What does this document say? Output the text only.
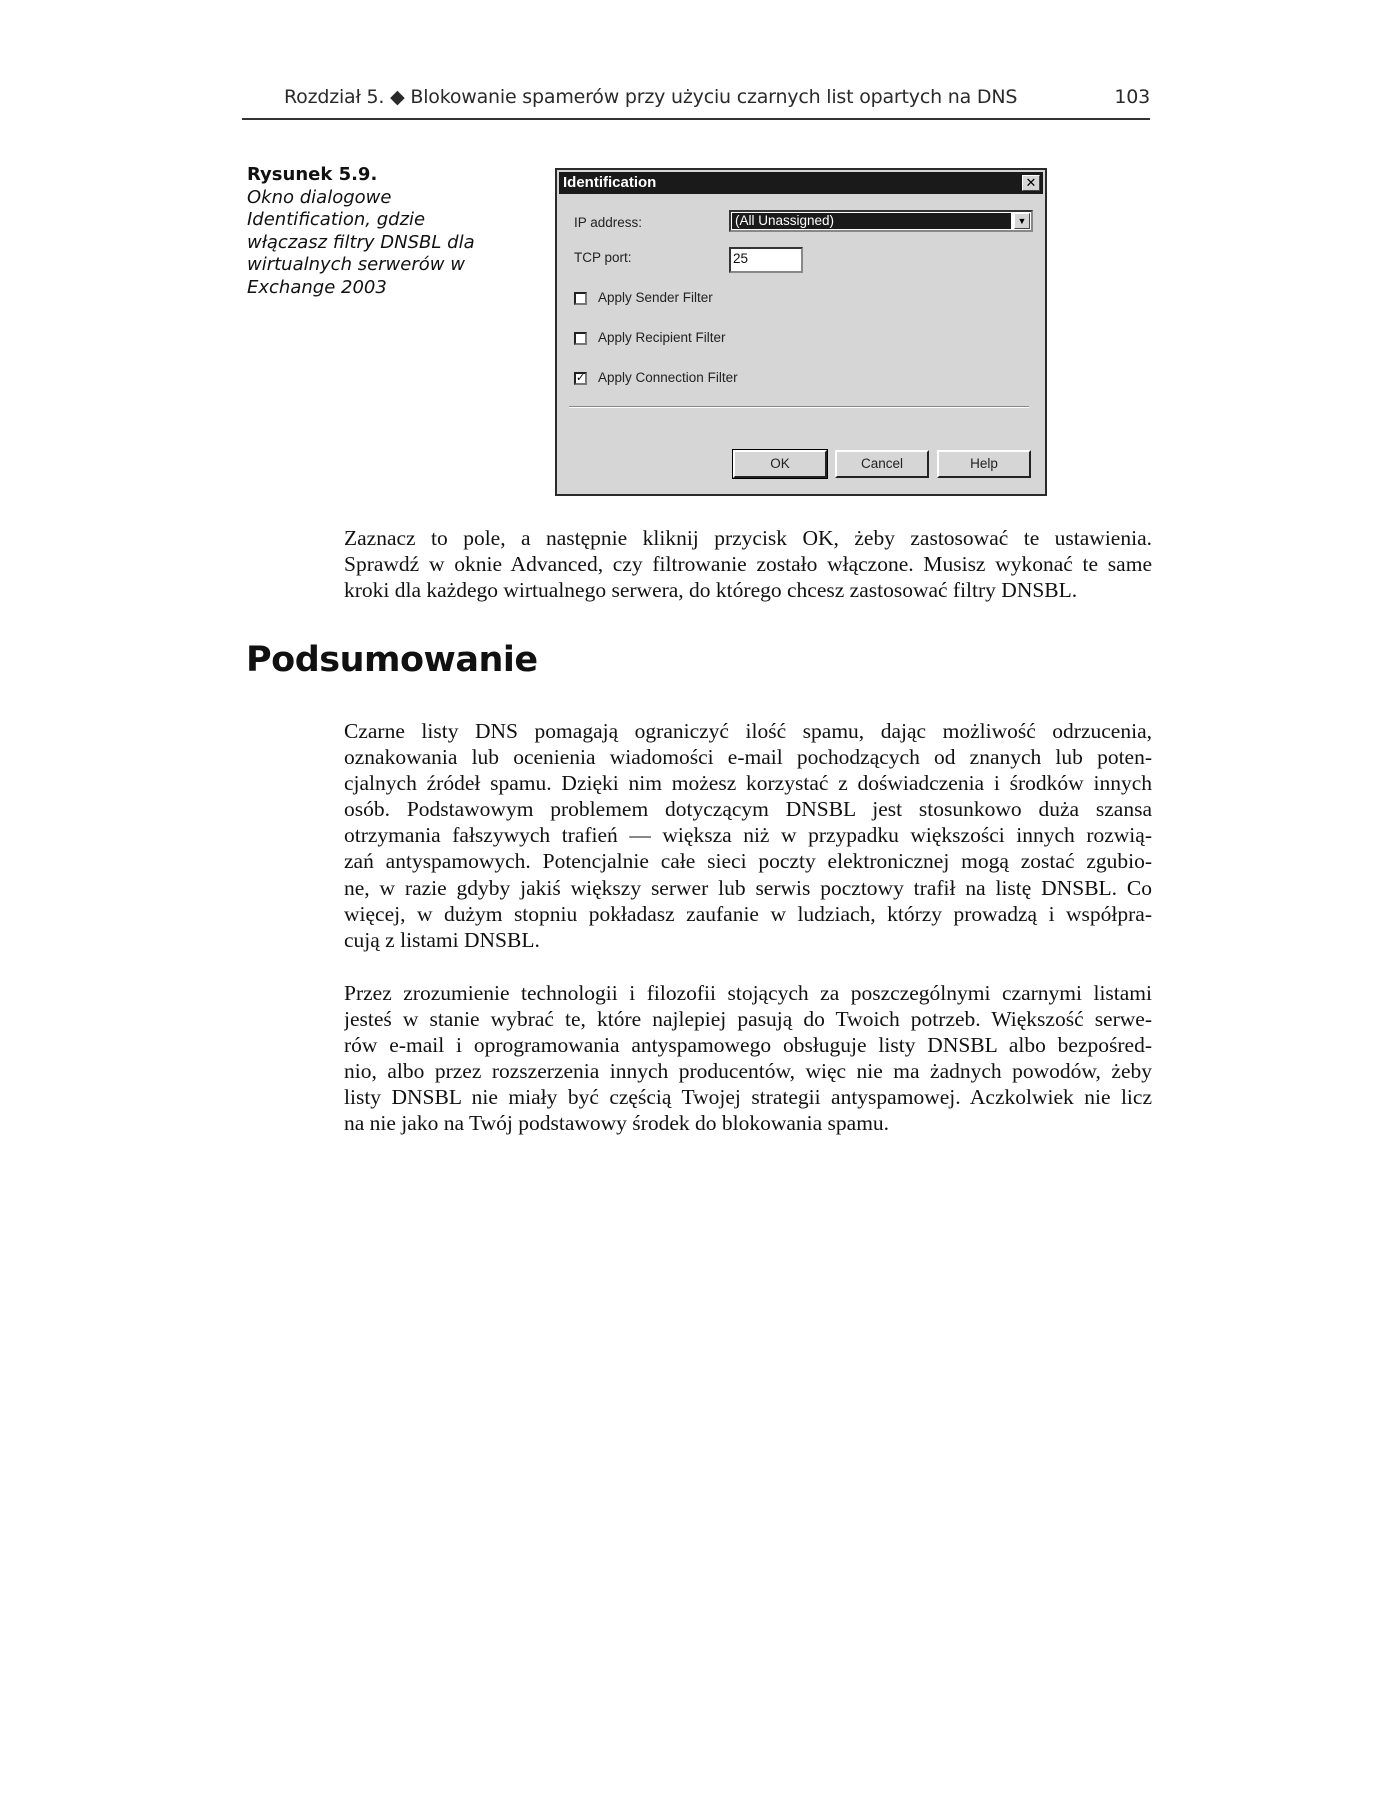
Rozdział 5. ◆ Blokowanie spamerów przy użyciu czarnych list opartych na DNS	103
Rysunek 5.9.
Okno dialogowe Identification, gdzie włączasz filtry DNSBL dla wirtualnych serwerów w Exchange 2003
Identification	✕
IP address:	(All Unassigned)	▼
TCP port:	25
Apply Sender Filter
Apply Recipient Filter
✓ Apply Connection Filter
OK	Cancel	Help
Zaznacz to pole, a następnie kliknij przycisk OK, żeby zastosować te ustawienia.
Sprawdź w oknie Advanced, czy filtrowanie zostało włączone. Musisz wykonać te same
kroki dla każdego wirtualnego serwera, do którego chcesz zastosować filtry DNSBL.
Podsumowanie
Czarne listy DNS pomagają ograniczyć ilość spamu, dając możliwość odrzucenia,
oznakowania lub ocenienia wiadomości e-mail pochodzących od znanych lub poten-
cjalnych źródeł spamu. Dzięki nim możesz korzystać z doświadczenia i środków innych
osób. Podstawowym problemem dotyczącym DNSBL jest stosunkowo duża szansa
otrzymania fałszywych trafień — większa niż w przypadku większości innych rozwią-
zań antyspamowych. Potencjalnie całe sieci poczty elektronicznej mogą zostać zgubio-
ne, w razie gdyby jakiś większy serwer lub serwis pocztowy trafił na listę DNSBL. Co
więcej, w dużym stopniu pokładasz zaufanie w ludziach, którzy prowadzą i współpra-
cują z listami DNSBL.
Przez zrozumienie technologii i filozofii stojących za poszczególnymi czarnymi listami
jesteś w stanie wybrać te, które najlepiej pasują do Twoich potrzeb. Większość serwe-
rów e-mail i oprogramowania antyspamowego obsługuje listy DNSBL albo bezpośred-
nio, albo przez rozszerzenia innych producentów, więc nie ma żadnych powodów, żeby
listy DNSBL nie miały być częścią Twojej strategii antyspamowej. Aczkolwiek nie licz
na nie jako na Twój podstawowy środek do blokowania spamu.
